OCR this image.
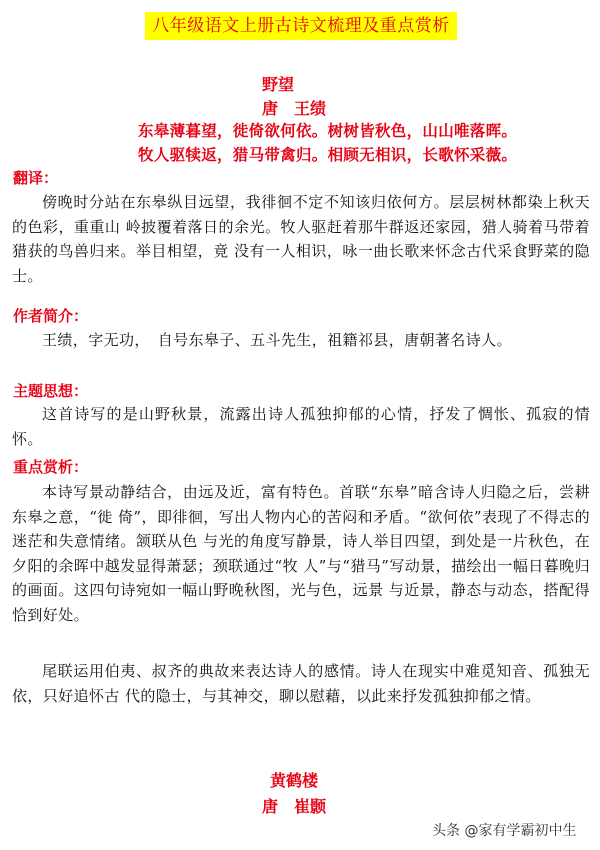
八年级语文上册古诗文梳理及重点赏析
野望
唐　王绩
东皋薄暮望，徙倚欲何依。树树皆秋色，山山唯落晖。
牧人驱犊返，猎马带禽归。相顾无相识，长歌怀采薇。
翻译：
傍晚时分站在东皋纵目远望，我徘徊不定不知该归依何方。层层树林都染上秋天的色彩，重重山 岭披覆着落日的余光。牧人驱赶着那牛群返还家园，猎人骑着马带着猎获的鸟兽归来。举目相望，竟 没有一人相识，咏一曲长歌来怀念古代采食野菜的隐士。
作者简介：
王绩，字无功，　自号东皋子、五斗先生，祖籍祁县，唐朝著名诗人。
主题思想：
这首诗写的是山野秋景，流露出诗人孤独抑郁的心情，抒发了惆怅、孤寂的情怀。
重点赏析：
本诗写景动静结合，由远及近，富有特色。首联“东皋”暗含诗人归隐之后，尝耕东皋之意，“徙 倚”，即徘徊，写出人物内心的苦闷和矛盾。“欲何依”表现了不得志的迷茫和失意情绪。颔联从色 与光的角度写静景，诗人举目四望，到处是一片秋色，在夕阳的余晖中越发显得萧瑟；颈联通过“牧 人”与“猎马”写动景，描绘出一幅日暮晚归的画面。这四句诗宛如一幅山野晚秋图，光与色，远景 与近景，静态与动态，搭配得恰到好处。
尾联运用伯夷、叔齐的典故来表达诗人的感情。诗人在现实中难觅知音、孤独无依，只好追怀古 代的隐士，与其神交，聊以慰藉，以此来抒发孤独抑郁之情。
黄鹤楼
唐　崔颢
头条 @家有学霸初中生
